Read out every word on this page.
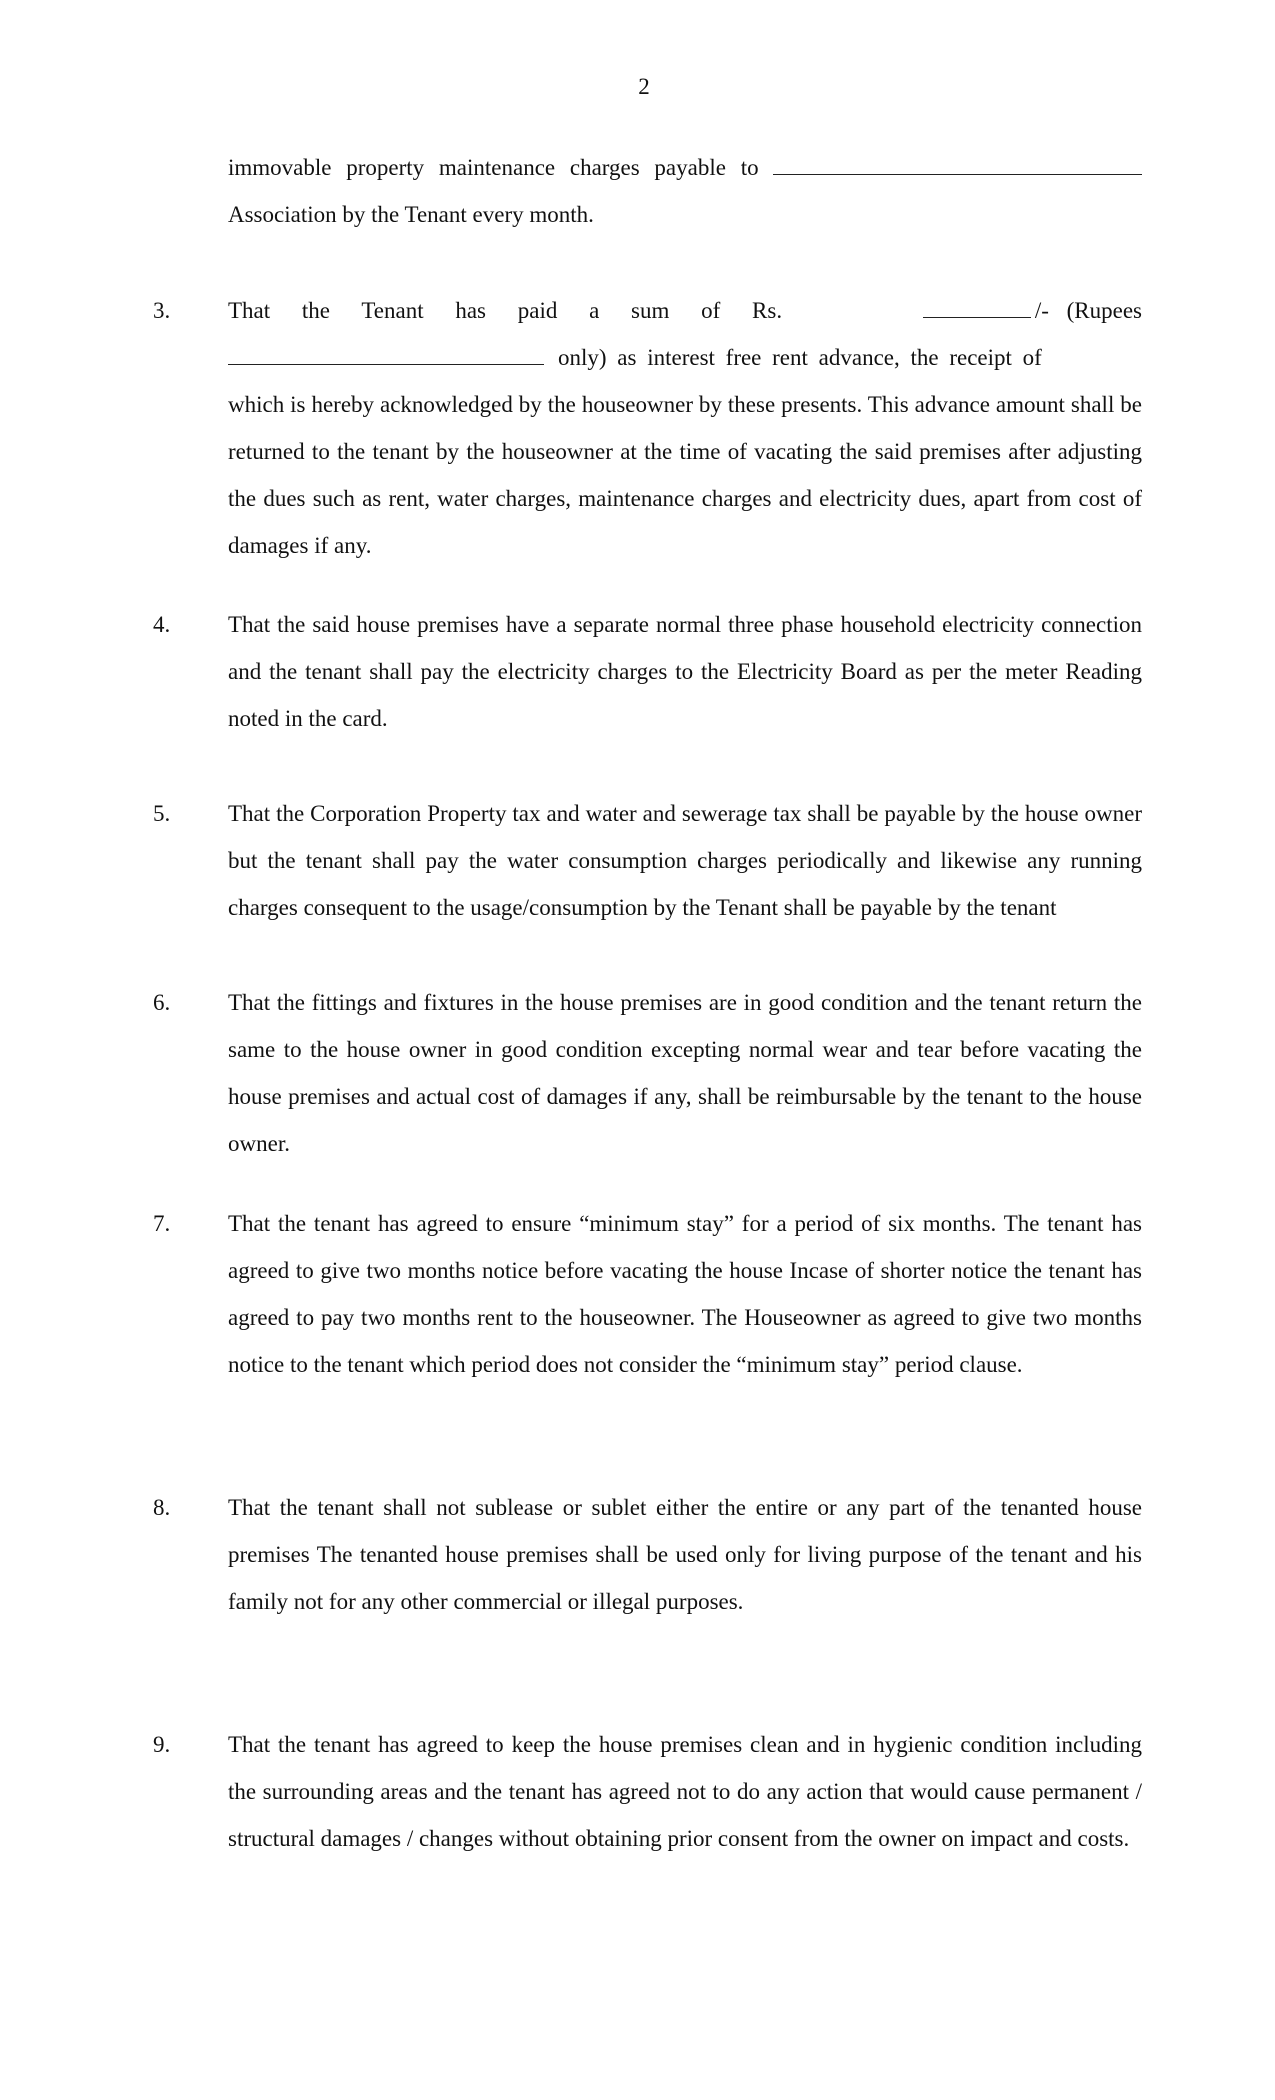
2
immovable property maintenance charges payable to
Association by the Tenant every month.
3.	That the Tenant has paid a sum of Rs.	/- (Rupees
only) as interest free rent advance, the receipt of
which is hereby acknowledged by the houseowner by these presents. This advance amount shall be returned to the tenant by the houseowner at the time of vacating the said premises after adjusting the dues such as rent, water charges, maintenance charges and electricity dues, apart from cost of damages if any.
4.	That the said house premises have a separate normal three phase household electricity connection and the tenant shall pay the electricity charges to the Electricity Board as per the meter Reading noted in the card.
5.	That the Corporation Property tax and water and sewerage tax shall be payable by the house owner but the tenant shall pay the water consumption charges periodically and likewise any running charges consequent to the usage/consumption by the Tenant shall be payable by the tenant
6.	That the fittings and fixtures in the house premises are in good condition and the tenant return the same to the house owner in good condition excepting normal wear and tear before vacating the house premises and actual cost of damages if any, shall be reimbursable by the tenant to the house owner.
7.	That the tenant has agreed to ensure “minimum stay” for a period of six months. The tenant has agreed to give two months notice before vacating the house Incase of shorter notice the tenant has agreed to pay two months rent to the houseowner. The Houseowner as agreed to give two months notice to the tenant which period does not consider the “minimum stay” period clause.
8.	That the tenant shall not sublease or sublet either the entire or any part of the tenanted house premises The tenanted house premises shall be used only for living purpose of the tenant and his family not for any other commercial or illegal purposes.
9.	That the tenant has agreed to keep the house premises clean and in hygienic condition including the surrounding areas and the tenant has agreed not to do any action that would cause permanent / structural damages / changes without obtaining prior consent from the owner on impact and costs.
